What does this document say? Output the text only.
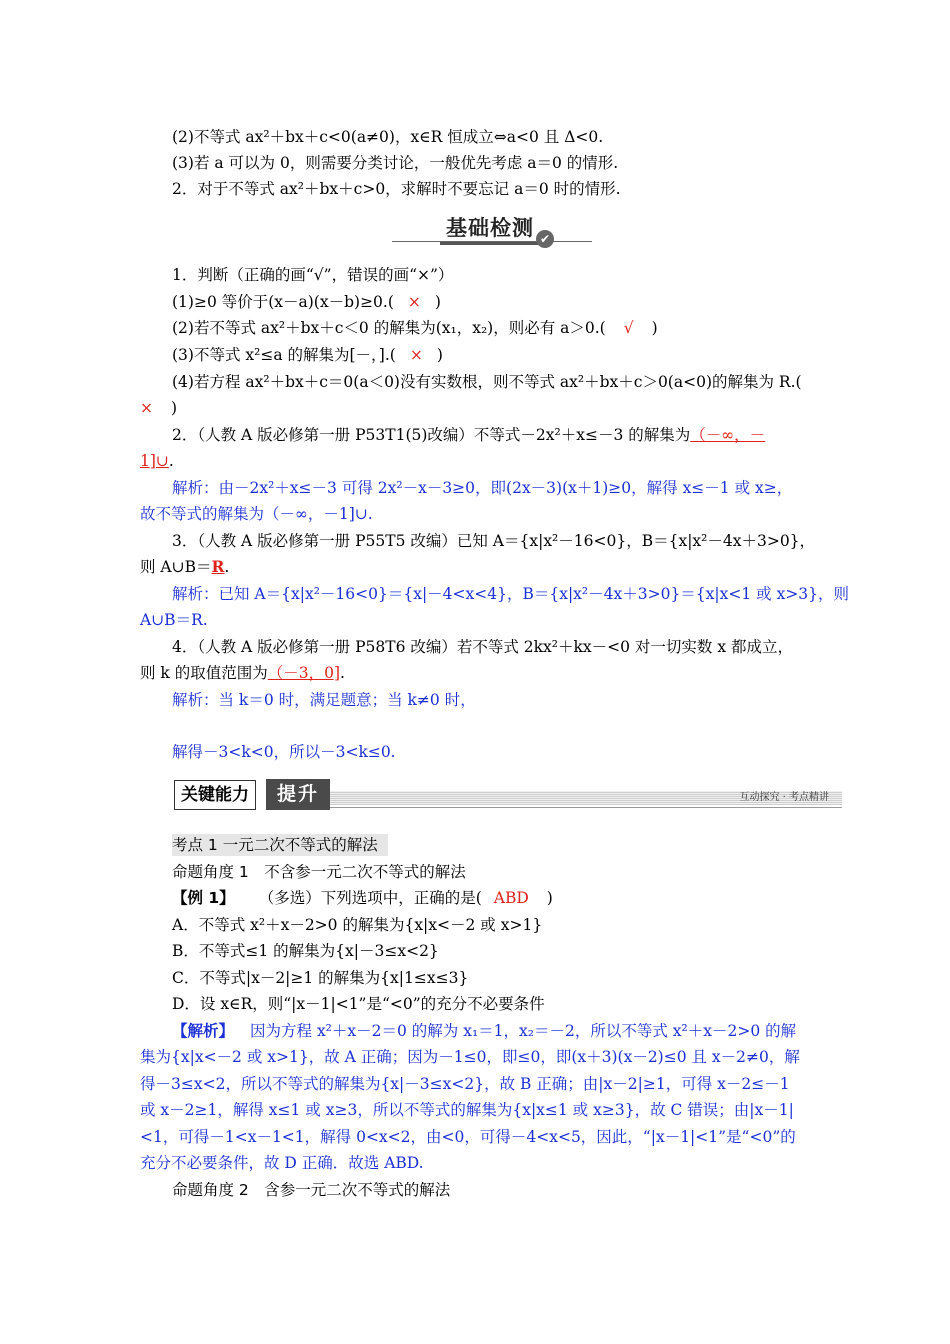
(2)不等式 ax²＋bx＋c<0(a≠0)，x∈R 恒成立⇔a<0 且 Δ<0.
(3)若 a 可以为 0，则需要分类讨论，一般优先考虑 a＝0 的情形.
2．对于不等式 ax²＋bx＋c>0，求解时不要忘记 a＝0 时的情形.
基础检测 ✔
1．判断（正确的画“√”，错误的画“×”）
(1)≥0 等价于(x－a)(x－b)≥0.( × )
(2)若不等式 ax²＋bx＋c＜0 的解集为(x₁，x₂)，则必有 a＞0.( √ )
(3)不等式 x²≤a 的解集为[－，].( × )
(4)若方程 ax²＋bx＋c＝0(a＜0)没有实数根，则不等式 ax²＋bx＋c＞0(a<0)的解集为 R.(
× )
2．（人教 A 版必修第一册 P53T1(5)改编）不等式－2x²＋x≤－3 的解集为（－∞，－
1]∪.
解析：由－2x²＋x≤－3 可得 2x²－x－3≥0，即(2x－3)(x＋1)≥0，解得 x≤－1 或 x≥，
故不等式的解集为（－∞，－1]∪.
3．（人教 A 版必修第一册 P55T5 改编）已知 A＝{x|x²－16<0}，B＝{x|x²－4x＋3>0}，
则 A∪B＝R.
解析：已知 A＝{x|x²－16<0}＝{x|－4<x<4}，B＝{x|x²－4x＋3>0}＝{x|x<1 或 x>3}，则
A∪B＝R.
4．（人教 A 版必修第一册 P58T6 改编）若不等式 2kx²＋kx－<0 对一切实数 x 都成立，
则 k 的取值范围为（－3，0].
解析：当 k＝0 时，满足题意；当 k≠0 时，
解得－3<k<0，所以－3<k≤0.
关键能力	提升	互动探究 · 考点精讲
考点 1 一元二次不等式的解法
命题角度 1　不含参一元二次不等式的解法
【例 1】 （多选）下列选项中，正确的是( ABD )
A．不等式 x²＋x－2>0 的解集为{x|x<－2 或 x>1}
B．不等式≤1 的解集为{x|－3≤x<2}
C．不等式|x－2|≥1 的解集为{x|1≤x≤3}
D．设 x∈R，则“|x－1|<1”是“<0”的充分不必要条件
【解析】 因为方程 x²＋x－2＝0 的解为 x₁＝1，x₂＝－2，所以不等式 x²＋x－2>0 的解
集为{x|x<－2 或 x>1}，故 A 正确；因为－1≤0，即≤0，即(x＋3)(x－2)≤0 且 x－2≠0，解
得－3≤x<2，所以不等式的解集为{x|－3≤x<2}，故 B 正确；由|x－2|≥1，可得 x－2≤－1
或 x－2≥1，解得 x≤1 或 x≥3，所以不等式的解集为{x|x≤1 或 x≥3}，故 C 错误；由|x－1|
<1，可得－1<x－1<1，解得 0<x<2，由<0，可得－4<x<5，因此，“|x－1|<1”是“<0”的
充分不必要条件，故 D 正确．故选 ABD.
命题角度 2　含参一元二次不等式的解法
